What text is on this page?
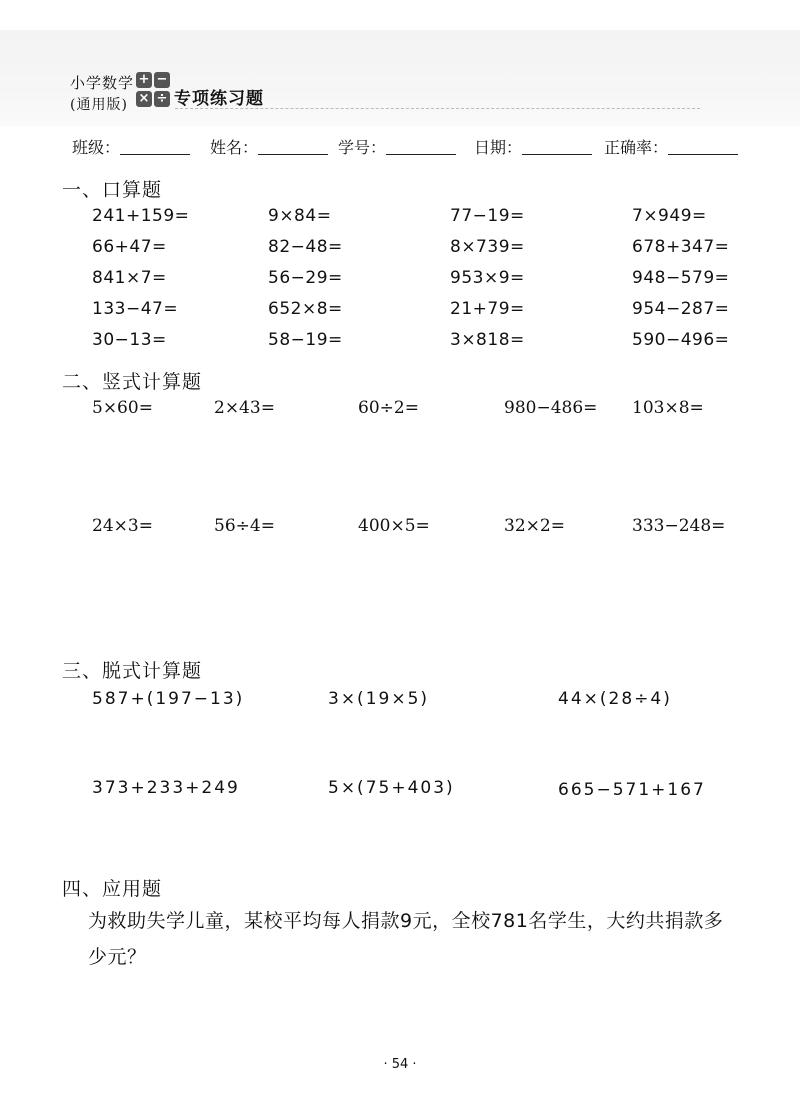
小学数学
(通用版)
+ −
× ÷ 专项练习题
班级：	姓名：	学号：	日期：	正确率：
一、口算题
241+159=	9×84=	77−19=	7×949=
66+47=	82−48=	8×739=	678+347=
841×7=	56−29=	953×9=	948−579=
133−47=	652×8=	21+79=	954−287=
30−13=	58−19=	3×818=	590−496=
二、竖式计算题
5×60=	2×43=	60÷2=	980−486= 103×8=
24×3=	56÷4=	400×5=	32×2=	333−248=
三、脱式计算题
587+(197−13)	3×(19×5)	44×(28÷4)
373+233+249	5×(75+403)	665−571+167
四、应用题
为救助失学儿童，某校平均每人捐款9元，全校781名学生，大约共捐款多少元？
· 54 ·
